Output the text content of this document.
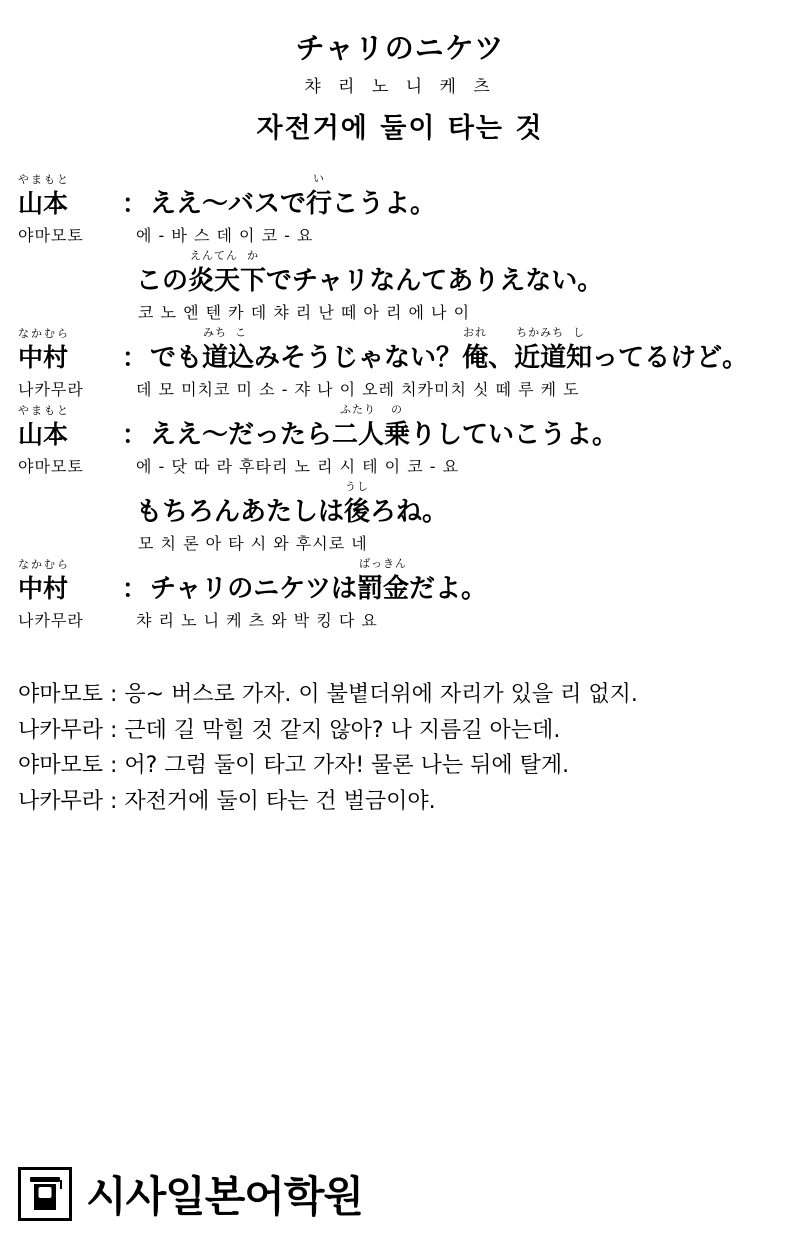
チャリのニケツ
챠 리 노 니 케 츠
자전거에 둘이 타는 것
やまもと
山本	： ええ～バスで
い
行こうよ。
야마모토	에 - 바 스 데 이 코 - 요
この
えんてん
炎天
か
下でチャリなんてありえない。
코 노 엔 텐 카 데 챠 리 난 떼 아 리 에 나 이
なかむら
中村	： でも
みち
道
こ
込みそうじゃない？
おれ
俺、
ちかみち
近道
し
知ってるけど。
나카무라	데 모 미치코 미 소 - 쟈 나 이 오레 치카미치 싯 떼 루 케 도
やまもと
山本	： ええ～だったら
ふたり
二人
の
乗りしていこうよ。
야마모토	에 - 닷 따 라 후타리 노 리 시 테 이 코 - 요
もちろんあたしは
うし
後ろね。
모 치 론 아 타 시 와 후시로 네
なかむら
中村	： チャリのニケツは
ばっきん
罰金だよ。
나카무라	챠 리 노 니 케 츠 와 박 킹 다 요
야마모토 : 응~ 버스로 가자. 이 불볕더위에 자리가 있을 리 없지.
나카무라 : 근데 길 막힐 것 같지 않아? 나 지름길 아는데.
야마모토 : 어? 그럼 둘이 타고 가자! 물론 나는 뒤에 탈게.
나카무라 : 자전거에 둘이 타는 건 벌금이야.
시사일본어학원
